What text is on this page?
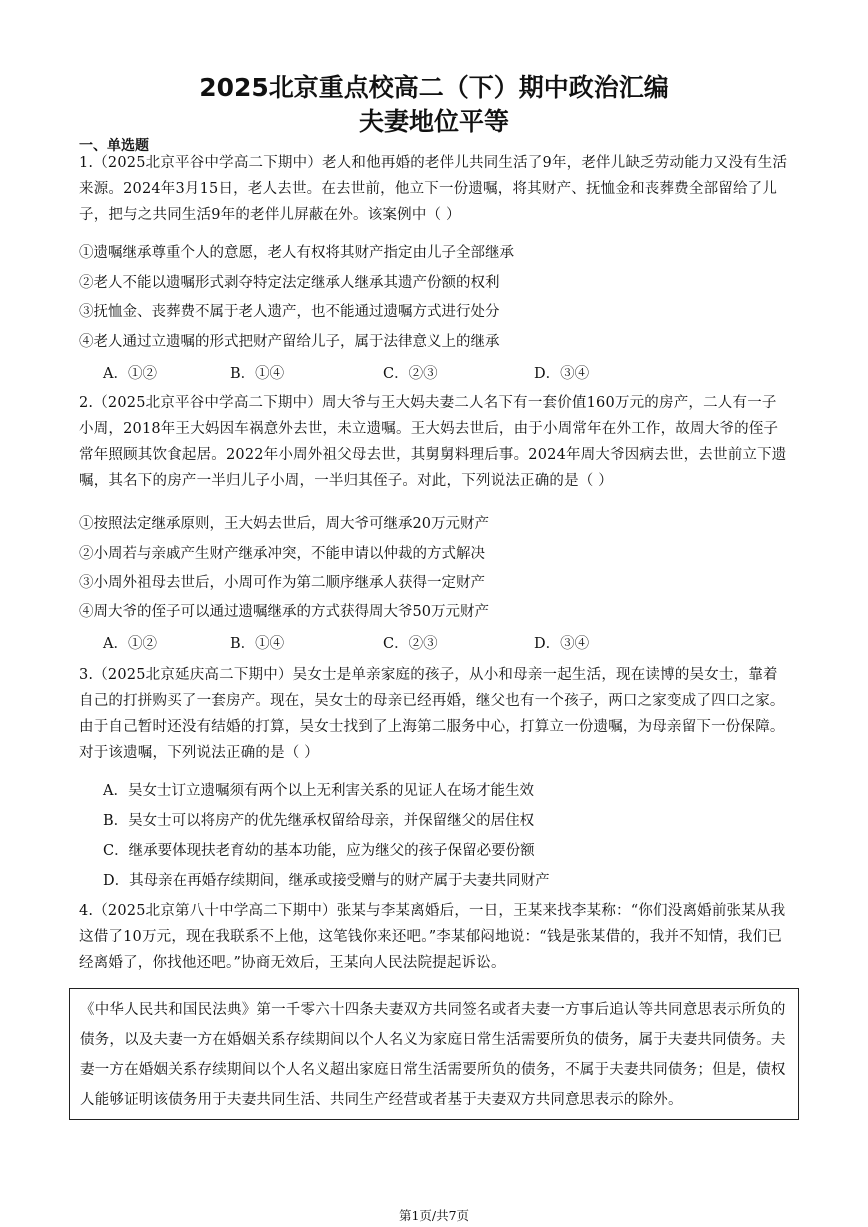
2025北京重点校高二（下）期中政治汇编
夫妻地位平等
一、单选题
1.（2025北京平谷中学高二下期中）老人和他再婚的老伴儿共同生活了9年，老伴儿缺乏劳动能力又没有生活来源。2024年3月15日，老人去世。在去世前，他立下一份遗嘱，将其财产、抚恤金和丧葬费全部留给了儿子，把与之共同生活9年的老伴儿屏蔽在外。该案例中（ ）
①遗嘱继承尊重个人的意愿，老人有权将其财产指定由儿子全部继承
②老人不能以遗嘱形式剥夺特定法定继承人继承其遗产份额的权利
③抚恤金、丧葬费不属于老人遗产，也不能通过遗嘱方式进行处分
④老人通过立遗嘱的形式把财产留给儿子，属于法律意义上的继承
A．①②	B．①④	C．②③	D．③④
2.（2025北京平谷中学高二下期中）周大爷与王大妈夫妻二人名下有一套价值160万元的房产，二人有一子小周，2018年王大妈因车祸意外去世，未立遗嘱。王大妈去世后，由于小周常年在外工作，故周大爷的侄子常年照顾其饮食起居。2022年小周外祖父母去世，其舅舅料理后事。2024年周大爷因病去世，去世前立下遗嘱，其名下的房产一半归儿子小周，一半归其侄子。对此，下列说法正确的是（ ）
①按照法定继承原则，王大妈去世后，周大爷可继承20万元财产
②小周若与亲戚产生财产继承冲突，不能申请以仲裁的方式解决
③小周外祖母去世后，小周可作为第二顺序继承人获得一定财产
④周大爷的侄子可以通过遗嘱继承的方式获得周大爷50万元财产
A．①②	B．①④	C．②③	D．③④
3.（2025北京延庆高二下期中）吴女士是单亲家庭的孩子，从小和母亲一起生活，现在读博的吴女士，靠着自己的打拼购买了一套房产。现在，吴女士的母亲已经再婚，继父也有一个孩子，两口之家变成了四口之家。由于自己暂时还没有结婚的打算，吴女士找到了上海第二服务中心，打算立一份遗嘱，为母亲留下一份保障。对于该遗嘱，下列说法正确的是（ ）
A．吴女士订立遗嘱须有两个以上无利害关系的见证人在场才能生效
B．吴女士可以将房产的优先继承权留给母亲，并保留继父的居住权
C．继承要体现扶老育幼的基本功能，应为继父的孩子保留必要份额
D．其母亲在再婚存续期间，继承或接受赠与的财产属于夫妻共同财产
4.（2025北京第八十中学高二下期中）张某与李某离婚后，一日，王某来找李某称：“你们没离婚前张某从我这借了10万元，现在我联系不上他，这笔钱你来还吧。”李某郁闷地说：“钱是张某借的，我并不知情，我们已经离婚了，你找他还吧。”协商无效后，王某向人民法院提起诉讼。
《中华人民共和国民法典》第一千零六十四条夫妻双方共同签名或者夫妻一方事后追认等共同意思表示所负的债务，以及夫妻一方在婚姻关系存续期间以个人名义为家庭日常生活需要所负的债务，属于夫妻共同债务。夫妻一方在婚姻关系存续期间以个人名义超出家庭日常生活需要所负的债务，不属于夫妻共同债务；但是，债权人能够证明该债务用于夫妻共同生活、共同生产经营或者基于夫妻双方共同意思表示的除外。
第1页/共7页
